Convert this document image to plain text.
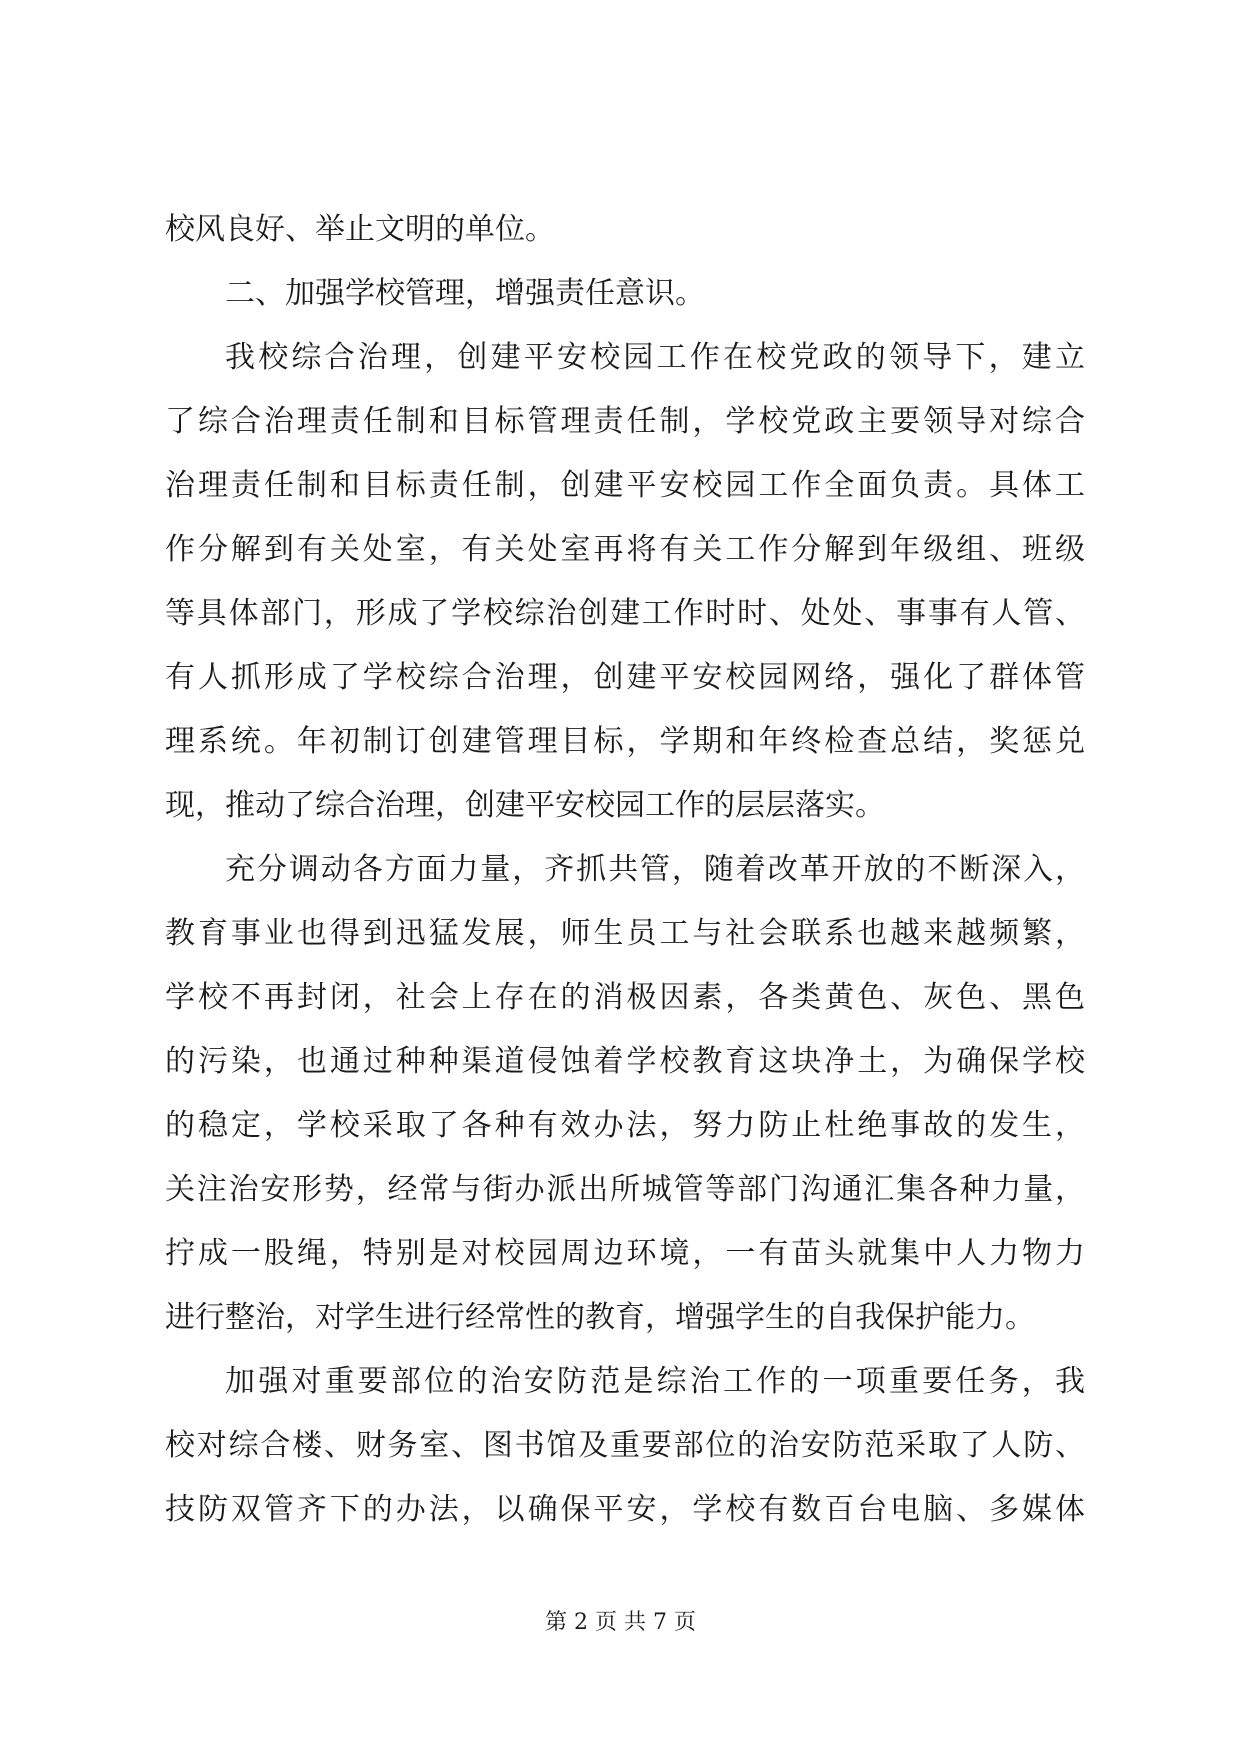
校风良好、举止文明的单位。
二、加强学校管理，增强责任意识。
我校综合治理，创建平安校园工作在校党政的领导下，建立
了综合治理责任制和目标管理责任制，学校党政主要领导对综合
治理责任制和目标责任制，创建平安校园工作全面负责。具体工
作分解到有关处室，有关处室再将有关工作分解到年级组、班级
等具体部门，形成了学校综治创建工作时时、处处、事事有人管、
有人抓形成了学校综合治理，创建平安校园网络，强化了群体管
理系统。年初制订创建管理目标，学期和年终检查总结，奖惩兑
现，推动了综合治理，创建平安校园工作的层层落实。
充分调动各方面力量，齐抓共管，随着改革开放的不断深入，
教育事业也得到迅猛发展，师生员工与社会联系也越来越频繁，
学校不再封闭，社会上存在的消极因素，各类黄色、灰色、黑色
的污染，也通过种种渠道侵蚀着学校教育这块净土，为确保学校
的稳定，学校采取了各种有效办法，努力防止杜绝事故的发生，
关注治安形势，经常与街办派出所城管等部门沟通汇集各种力量，
拧成一股绳，特别是对校园周边环境，一有苗头就集中人力物力
进行整治，对学生进行经常性的教育，增强学生的自我保护能力。
加强对重要部位的治安防范是综治工作的一项重要任务，我
校对综合楼、财务室、图书馆及重要部位的治安防范采取了人防、
技防双管齐下的办法，以确保平安，学校有数百台电脑、多媒体
第 2 页 共 7 页
